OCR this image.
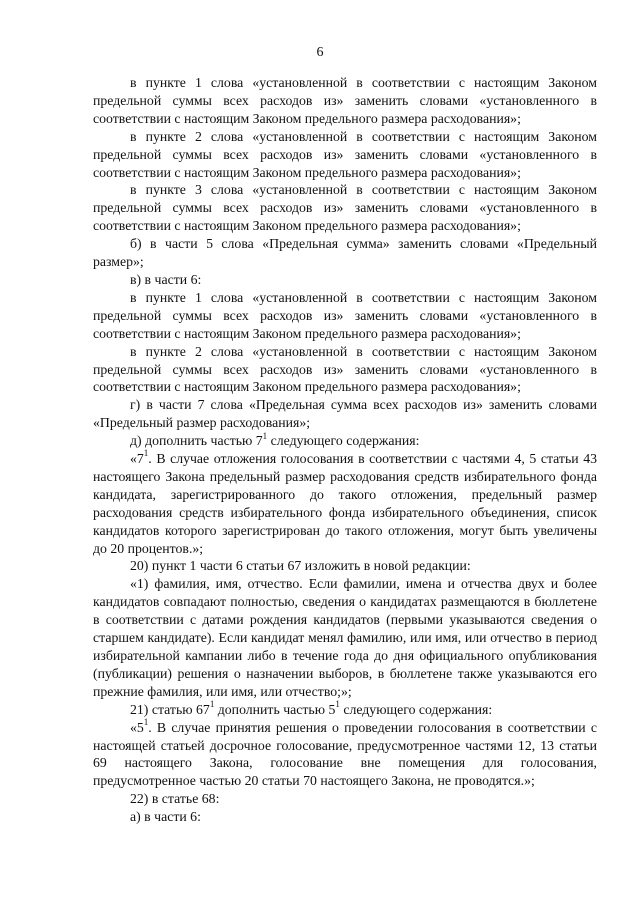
6

в пункте 1 слова «установленной в соответствии с настоящим Законом предельной суммы всех расходов из» заменить словами «установленного в соответствии с настоящим Законом предельного размера расходования»;

в пункте 2 слова «установленной в соответствии с настоящим Законом предельной суммы всех расходов из» заменить словами «установленного в соответствии с настоящим Законом предельного размера расходования»;

в пункте 3 слова «установленной в соответствии с настоящим Законом предельной суммы всех расходов из» заменить словами «установленного в соответствии с настоящим Законом предельного размера расходования»;

б) в части 5 слова «Предельная сумма» заменить словами «Предельный размер»;

в) в части 6:

в пункте 1 слова «установленной в соответствии с настоящим Законом предельной суммы всех расходов из» заменить словами «установленного в соответствии с настоящим Законом предельного размера расходования»;

в пункте 2 слова «установленной в соответствии с настоящим Законом предельной суммы всех расходов из» заменить словами «установленного в соответствии с настоящим Законом предельного размера расходования»;

г) в части 7 слова «Предельная сумма всех расходов из» заменить словами «Предельный размер расходования»;

д) дополнить частью $7^1$ следующего содержания:

«$7^1$. В случае отложения голосования в соответствии с частями 4, 5 статьи 43 настоящего Закона предельный размер расходования средств избирательного фонда кандидата, зарегистрированного до такого отложения, предельный размер расходования средств избирательного фонда избирательного объединения, список кандидатов которого зарегистрирован до такого отложения, могут быть увеличены до 20 процентов.»;

20) пункт 1 части 6 статьи 67 изложить в новой редакции:

«1) фамилия, имя, отчество. Если фамилии, имена и отчества двух и более кандидатов совпадают полностью, сведения о кандидатах размещаются в бюллетене в соответствии с датами рождения кандидатов (первыми указываются сведения о старшем кандидате). Если кандидат менял фамилию, или имя, или отчество в период избирательной кампании либо в течение года до дня официального опубликования (публикации) решения о назначении выборов, в бюллетене также указываются его прежние фамилия, или имя, или отчество;»;

21) статью $67^1$ дополнить частью $5^1$ следующего содержания:

«$5^1$. В случае принятия решения о проведении голосования в соответствии с настоящей статьей досрочное голосование, предусмотренное частями 12, 13 статьи 69 настоящего Закона, голосование вне помещения для голосования, предусмотренное частью 20 статьи 70 настоящего Закона, не проводятся.»;

22) в статье 68:

а) в части 6:
